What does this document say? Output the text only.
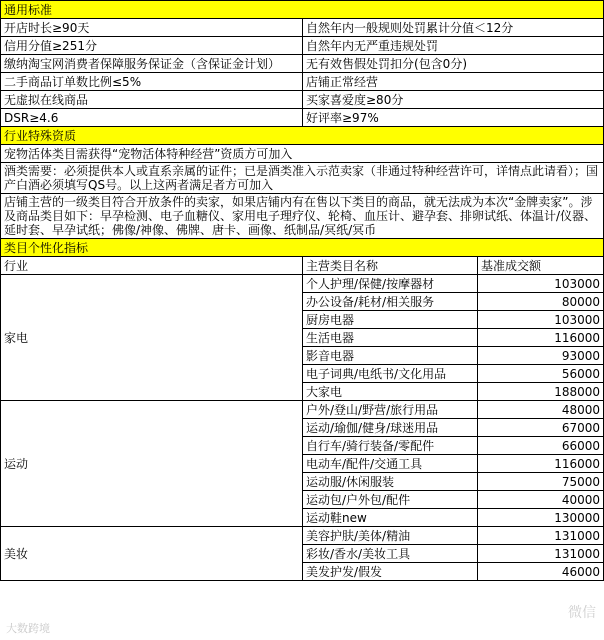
通用标准		
开店时长≥90天	自然年内一般规则处罚累计分值＜12分	
信用分值≥251分	自然年内无严重违规处罚	
缴纳淘宝网消费者保障服务保证金（含保证金计划）	无有效售假处罚扣分(包含0分)	
二手商品订单数比例≤5%	店铺正常经营	
无虚拟在线商品	买家喜爱度≥80分	
DSR≥4.6	好评率≥97%	
行业特殊资质		
宠物活体类目需获得“宠物活体特种经营”资质方可加入		
酒类需要：必须提供本人或直系亲属的证件；已是酒类准入示范卖家（非通过特种经营许可，详情点此请看）；国产白酒必须填写QS号。以上这两者满足者方可加入		
店铺主营的一级类目符合开放条件的卖家，如果店铺内有在售以下类目的商品，就无法成为本次“金牌卖家”。涉及商品类目如下：早孕检测、电子血糖仪、家用电子理疗仪、轮椅、血压计、避孕套、排卵试纸、体温计/仪器、延时套、早孕试纸；佛像/神像、佛牌、唐卡、画像、纸制品/冥纸/冥币		
类目个性化指标		
行业	主营类目名称	基准成交额
家电	个人护理/保健/按摩器材	103000
	办公设备/耗材/相关服务	80000
	厨房电器	103000
	生活电器	116000
	影音电器	93000
	电子词典/电纸书/文化用品	56000
	大家电	188000
运动	户外/登山/野营/旅行用品	48000
	运动/瑜伽/健身/球迷用品	67000
	自行车/骑行装备/零配件	66000
	电动车/配件/交通工具	116000
	运动服/休闲服装	75000
	运动包/户外包/配件	40000
	运动鞋new	130000
美妆	美容护肤/美体/精油	131000
	彩妆/香水/美妆工具	131000
	美发护发/假发	46000
大数跨境
微信
